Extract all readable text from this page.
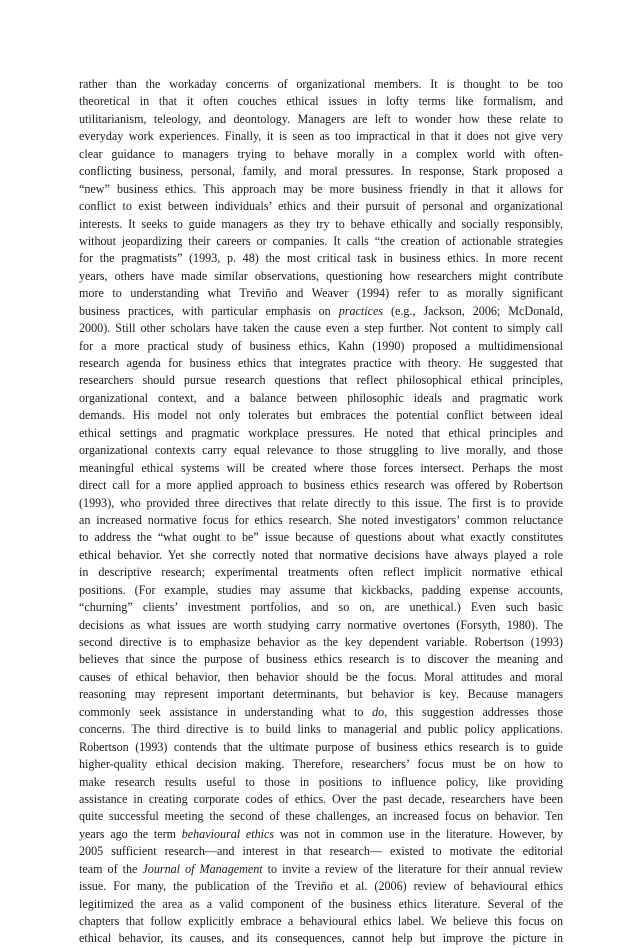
rather than the workaday concerns of organizational members. It is thought to be too
theoretical in that it often couches ethical issues in lofty terms like formalism, and
utilitarianism, teleology, and deontology. Managers are left to wonder how these relate to
everyday work experiences. Finally, it is seen as too impractical in that it does not give very
clear guidance to managers trying to behave morally in a complex world with often-
conflicting business, personal, family, and moral pressures. In response, Stark proposed a
“new” business ethics. This approach may be more business friendly in that it allows for
conflict to exist between individuals’ ethics and their pursuit of personal and organizational
interests. It seeks to guide managers as they try to behave ethically and socially responsibly,
without jeopardizing their careers or companies. It calls “the creation of actionable strategies
for the pragmatists” (1993, p. 48) the most critical task in business ethics. In more recent
years, others have made similar observations, questioning how researchers might contribute
more to understanding what Treviño and Weaver (1994) refer to as morally significant
business practices, with particular emphasis on practices (e.g., Jackson, 2006; McDonald,
2000). Still other scholars have taken the cause even a step further. Not content to simply call
for a more practical study of business ethics, Kahn (1990) proposed a multidimensional
research agenda for business ethics that integrates practice with theory. He suggested that
researchers should pursue research questions that reflect philosophical ethical principles,
organizational context, and a balance between philosophic ideals and pragmatic work
demands. His model not only tolerates but embraces the potential conflict between ideal
ethical settings and pragmatic workplace pressures. He noted that ethical principles and
organizational contexts carry equal relevance to those struggling to live morally, and those
meaningful ethical systems will be created where those forces intersect. Perhaps the most
direct call for a more applied approach to business ethics research was offered by Robertson
(1993), who provided three directives that relate directly to this issue. The first is to provide
an increased normative focus for ethics research. She noted investigators’ common reluctance
to address the “what ought to be” issue because of questions about what exactly constitutes
ethical behavior. Yet she correctly noted that normative decisions have always played a role
in descriptive research; experimental treatments often reflect implicit normative ethical
positions. (For example, studies may assume that kickbacks, padding expense accounts,
“churning” clients’ investment portfolios, and so on, are unethical.) Even such basic
decisions as what issues are worth studying carry normative overtones (Forsyth, 1980). The
second directive is to emphasize behavior as the key dependent variable. Robertson (1993)
believes that since the purpose of business ethics research is to discover the meaning and
causes of ethical behavior, then behavior should be the focus. Moral attitudes and moral
reasoning may represent important determinants, but behavior is key. Because managers
commonly seek assistance in understanding what to do, this suggestion addresses those
concerns. The third directive is to build links to managerial and public policy applications.
Robertson (1993) contends that the ultimate purpose of business ethics research is to guide
higher-quality ethical decision making. Therefore, researchers’ focus must be on how to
make research results useful to those in positions to influence policy, like providing
assistance in creating corporate codes of ethics. Over the past decade, researchers have been
quite successful meeting the second of these challenges, an increased focus on behavior. Ten
years ago the term behavioural ethics was not in common use in the literature. However, by
2005 sufficient research—and interest in that research— existed to motivate the editorial
team of the Journal of Management to invite a review of the literature for their annual review
issue. For many, the publication of the Treviño et al. (2006) review of behavioural ethics
legitimized the area as a valid component of the business ethics literature. Several of the
chapters that follow explicitly embrace a behavioural ethics label. We believe this focus on
ethical behavior, its causes, and its consequences, cannot help but improve the picture in
